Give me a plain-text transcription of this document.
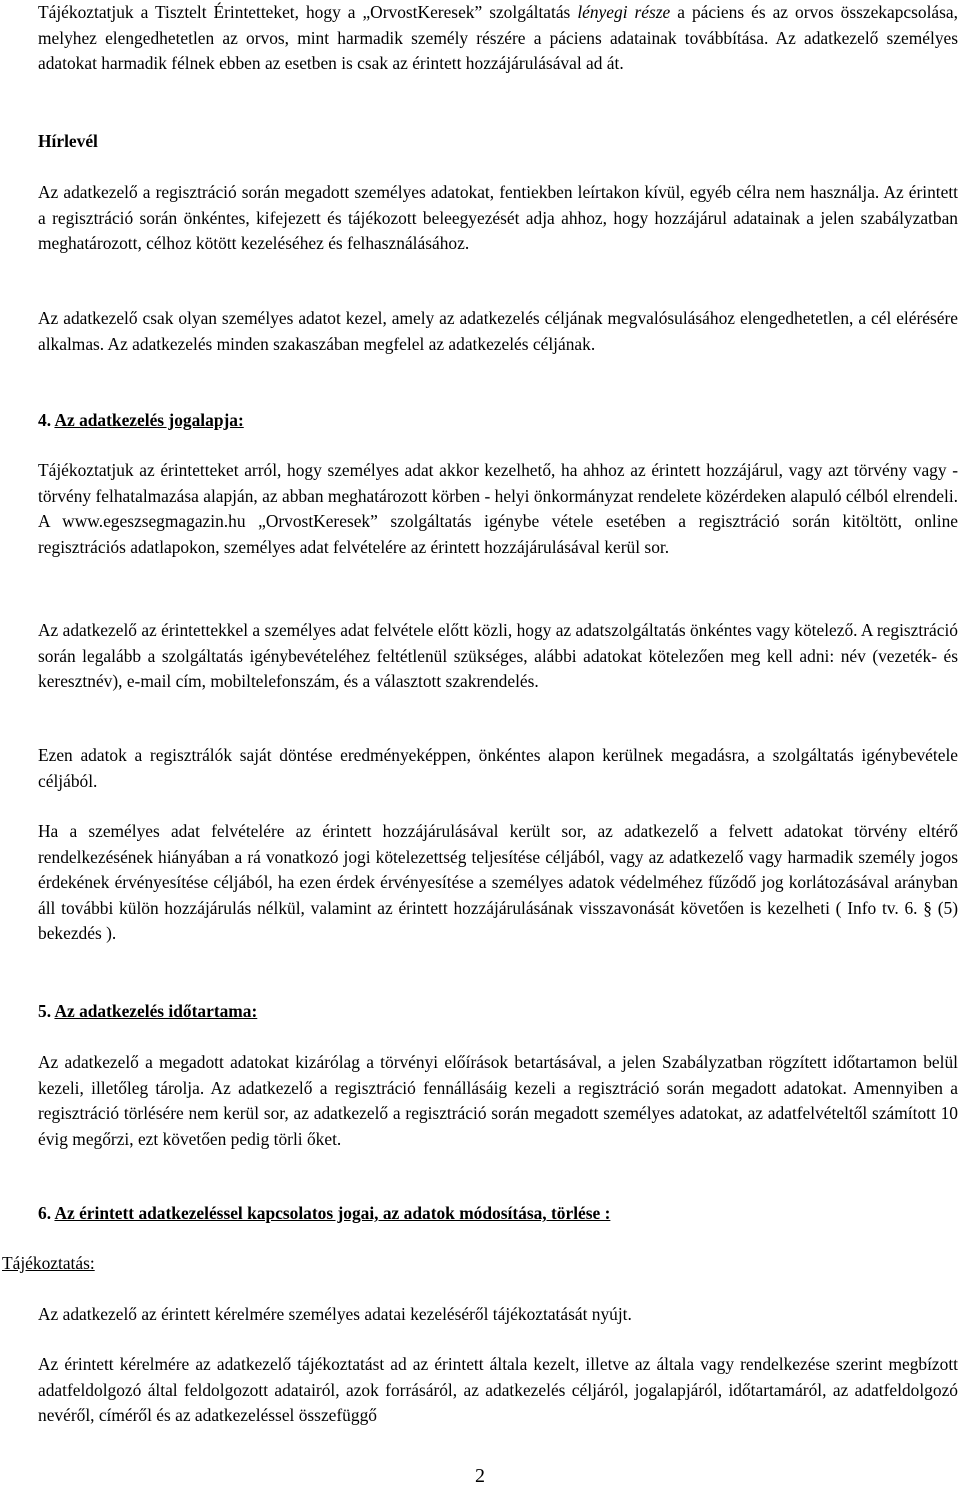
Tájékoztatjuk a Tisztelt Érintetteket, hogy a „OrvostKeresek” szolgáltatás lényegi része a páciens és az orvos összekapcsolása, melyhez elengedhetetlen az orvos, mint harmadik személy részére a páciens adatainak továbbítása. Az adatkezelő személyes adatokat harmadik félnek ebben az esetben is csak az érintett hozzájárulásával ad át.

Hírlevél

Az adatkezelő a regisztráció során megadott személyes adatokat, fentiekben leírtakon kívül, egyéb célra nem használja. Az érintett a regisztráció során önkéntes, kifejezett és tájékozott beleegyezését adja ahhoz, hogy hozzájárul adatainak a jelen szabályzatban meghatározott, célhoz kötött kezeléséhez és felhasználásához.

Az adatkezelő csak olyan személyes adatot kezel, amely az adatkezelés céljának megvalósulásához elengedhetetlen, a cél elérésére alkalmas. Az adatkezelés minden szakaszában megfelel az adatkezelés céljának.

4. Az adatkezelés jogalapja:

Tájékoztatjuk az érintetteket arról, hogy személyes adat akkor kezelhető, ha ahhoz az érintett hozzájárul, vagy azt törvény vagy - törvény felhatalmazása alapján, az abban meghatározott körben - helyi önkormányzat rendelete közérdeken alapuló célból elrendeli. A www.egeszsegmagazin.hu „OrvostKeresek” szolgáltatás igénybe vétele esetében a regisztráció során kitöltött, online regisztrációs adatlapokon, személyes adat felvételére az érintett hozzájárulásával kerül sor.

Az adatkezelő az érintettekkel a személyes adat felvétele előtt közli, hogy az adatszolgáltatás önkéntes vagy kötelező. A regisztráció során legalább a szolgáltatás igénybevételéhez feltétlenül szükséges, alábbi adatokat kötelezően meg kell adni: név (vezeték- és keresztnév), e-mail cím, mobiltelefonszám, és a választott szakrendelés.

Ezen adatok a regisztrálók saját döntése eredményeképpen, önkéntes alapon kerülnek megadásra, a szolgáltatás igénybevétele céljából.

Ha a személyes adat felvételére az érintett hozzájárulásával került sor, az adatkezelő a felvett adatokat törvény eltérő rendelkezésének hiányában a rá vonatkozó jogi kötelezettség teljesítése céljából, vagy az adatkezelő vagy harmadik személy jogos érdekének érvényesítése céljából, ha ezen érdek érvényesítése a személyes adatok védelméhez fűződő jog korlátozásával arányban áll további külön hozzájárulás nélkül, valamint az érintett hozzájárulásának visszavonását követően is kezelheti ( Info tv. 6. § (5) bekezdés ).

5. Az adatkezelés időtartama:

Az adatkezelő a megadott adatokat kizárólag a törvényi előírások betartásával, a jelen Szabályzatban rögzített időtartamon belül kezeli, illetőleg tárolja. Az adatkezelő a regisztráció fennállásáig kezeli a regisztráció során megadott adatokat. Amennyiben a regisztráció törlésére nem kerül sor, az adatkezelő a regisztráció során megadott személyes adatokat, az adatfelvételtől számított 10 évig megőrzi, ezt követően pedig törli őket.

6. Az érintett adatkezeléssel kapcsolatos jogai, az adatok módosítása, törlése :
Tájékoztatás:

Az adatkezelő az érintett kérelmére személyes adatai kezeléséről tájékoztatását nyújt.

Az érintett kérelmére az adatkezelő tájékoztatást ad az érintett általa kezelt, illetve az általa vagy rendelkezése szerint megbízott adatfeldolgozó által feldolgozott adatairól, azok forrásáról, az adatkezelés céljáról, jogalapjáról, időtartamáról, az adatfeldolgozó nevéről, címéről és az adatkezeléssel összefüggő

2
